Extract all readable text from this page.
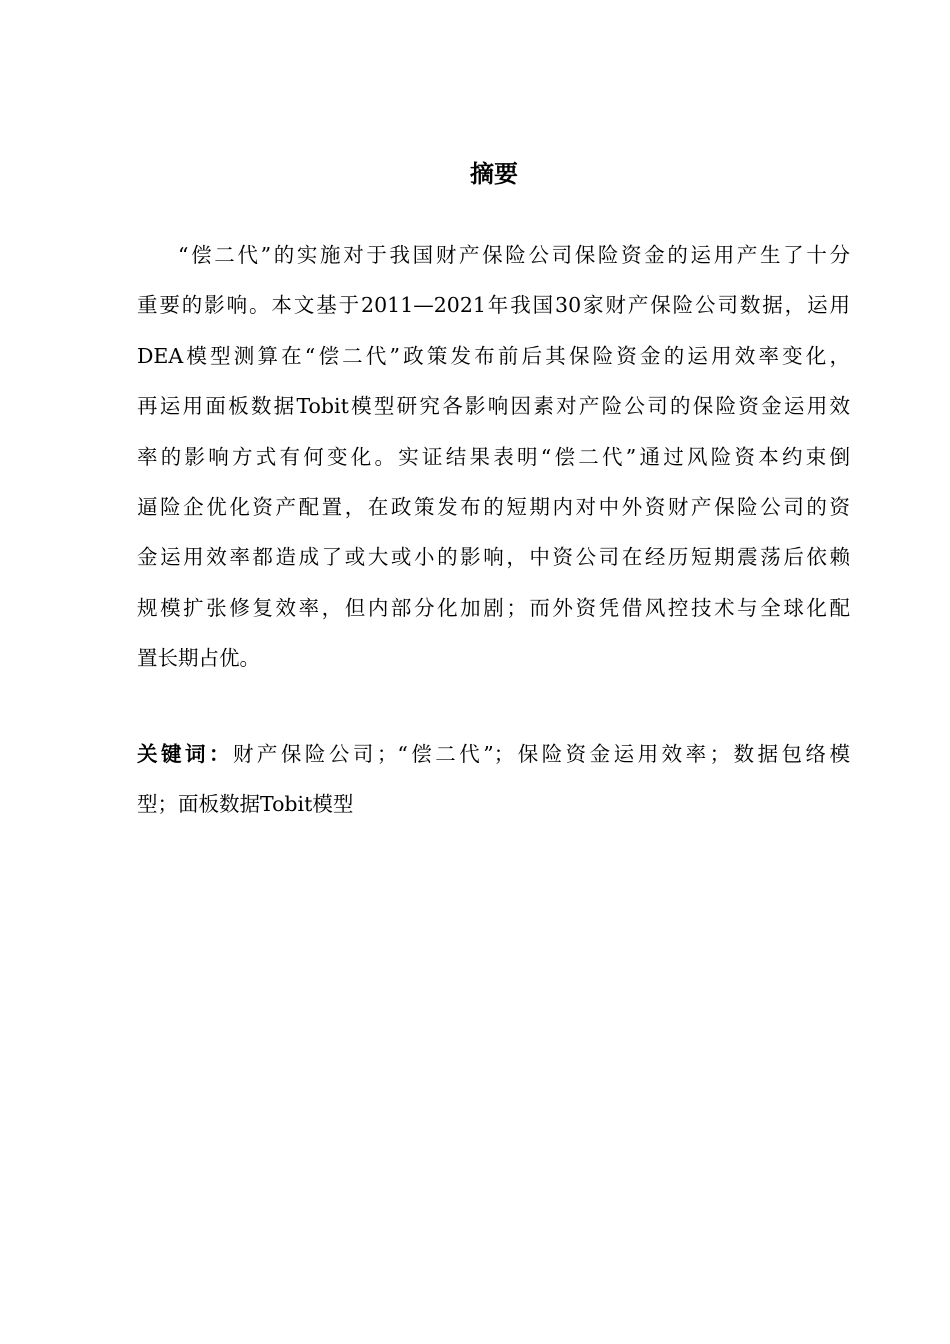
摘要
“偿二代”的实施对于我国财产保险公司保险资金的运用产生了十分
重要的影响。本文基于2011—2021年我国30家财产保险公司数据，运用
DEA模型测算在“偿二代”政策发布前后其保险资金的运用效率变化，
再运用面板数据Tobit模型研究各影响因素对产险公司的保险资金运用效
率的影响方式有何变化。实证结果表明“偿二代”通过风险资本约束倒
逼险企优化资产配置，在政策发布的短期内对中外资财产保险公司的资
金运用效率都造成了或大或小的影响，中资公司在经历短期震荡后依赖
规模扩张修复效率，但内部分化加剧；而外资凭借风控技术与全球化配
置长期占优。
关键词：财产保险公司；“偿二代”；保险资金运用效率；数据包络模
型；面板数据Tobit模型
